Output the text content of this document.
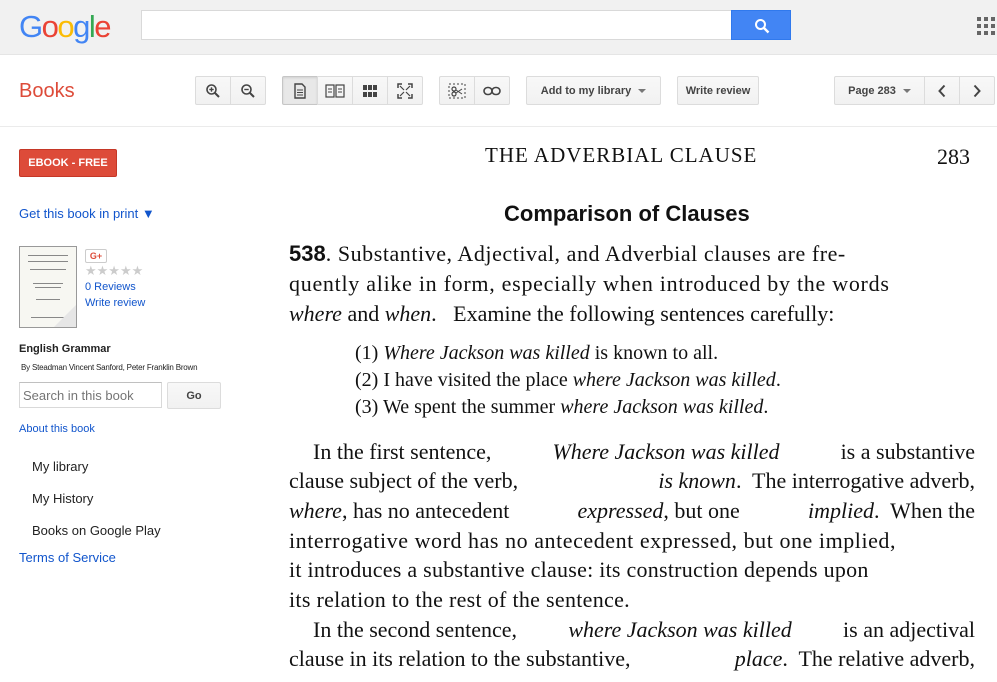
Google
Books	Add to my library	Write review	Page 283
EBOOK - FREE
Get this book in print ▼
G+
★★★★★
0 Reviews
Write review
English Grammar
By Steadman Vincent Sanford, Peter Franklin Brown
Search in this book
Go
About this book
My library
My History
Books on Google Play
Terms of Service
THE ADVERBIAL CLAUSE	283
Comparison of Clauses
538 . Substantive, Adjectival, and Adverbial clauses are fre-
quently alike in form, especially when introduced by the words
where
and
when .   Examine the following sentences carefully:
(1) Where Jackson was killed is known to all.
(2) I have visited the place where Jackson was killed.
(3) We spent the summer where Jackson was killed.
In the first sentence,	Where Jackson was killed	is a substantive
clause subject of the verb,	is known.  The interrogative adverb,
where, has no antecedent	expressed, but one	implied.  When the
interrogative word has no antecedent expressed, but one implied,
it introduces a substantive clause: its construction depends upon
its relation to the rest of the sentence.
In the second sentence, where Jackson was killed is an adjectival
clause in its relation to the substantive,	place.  The relative adverb,
